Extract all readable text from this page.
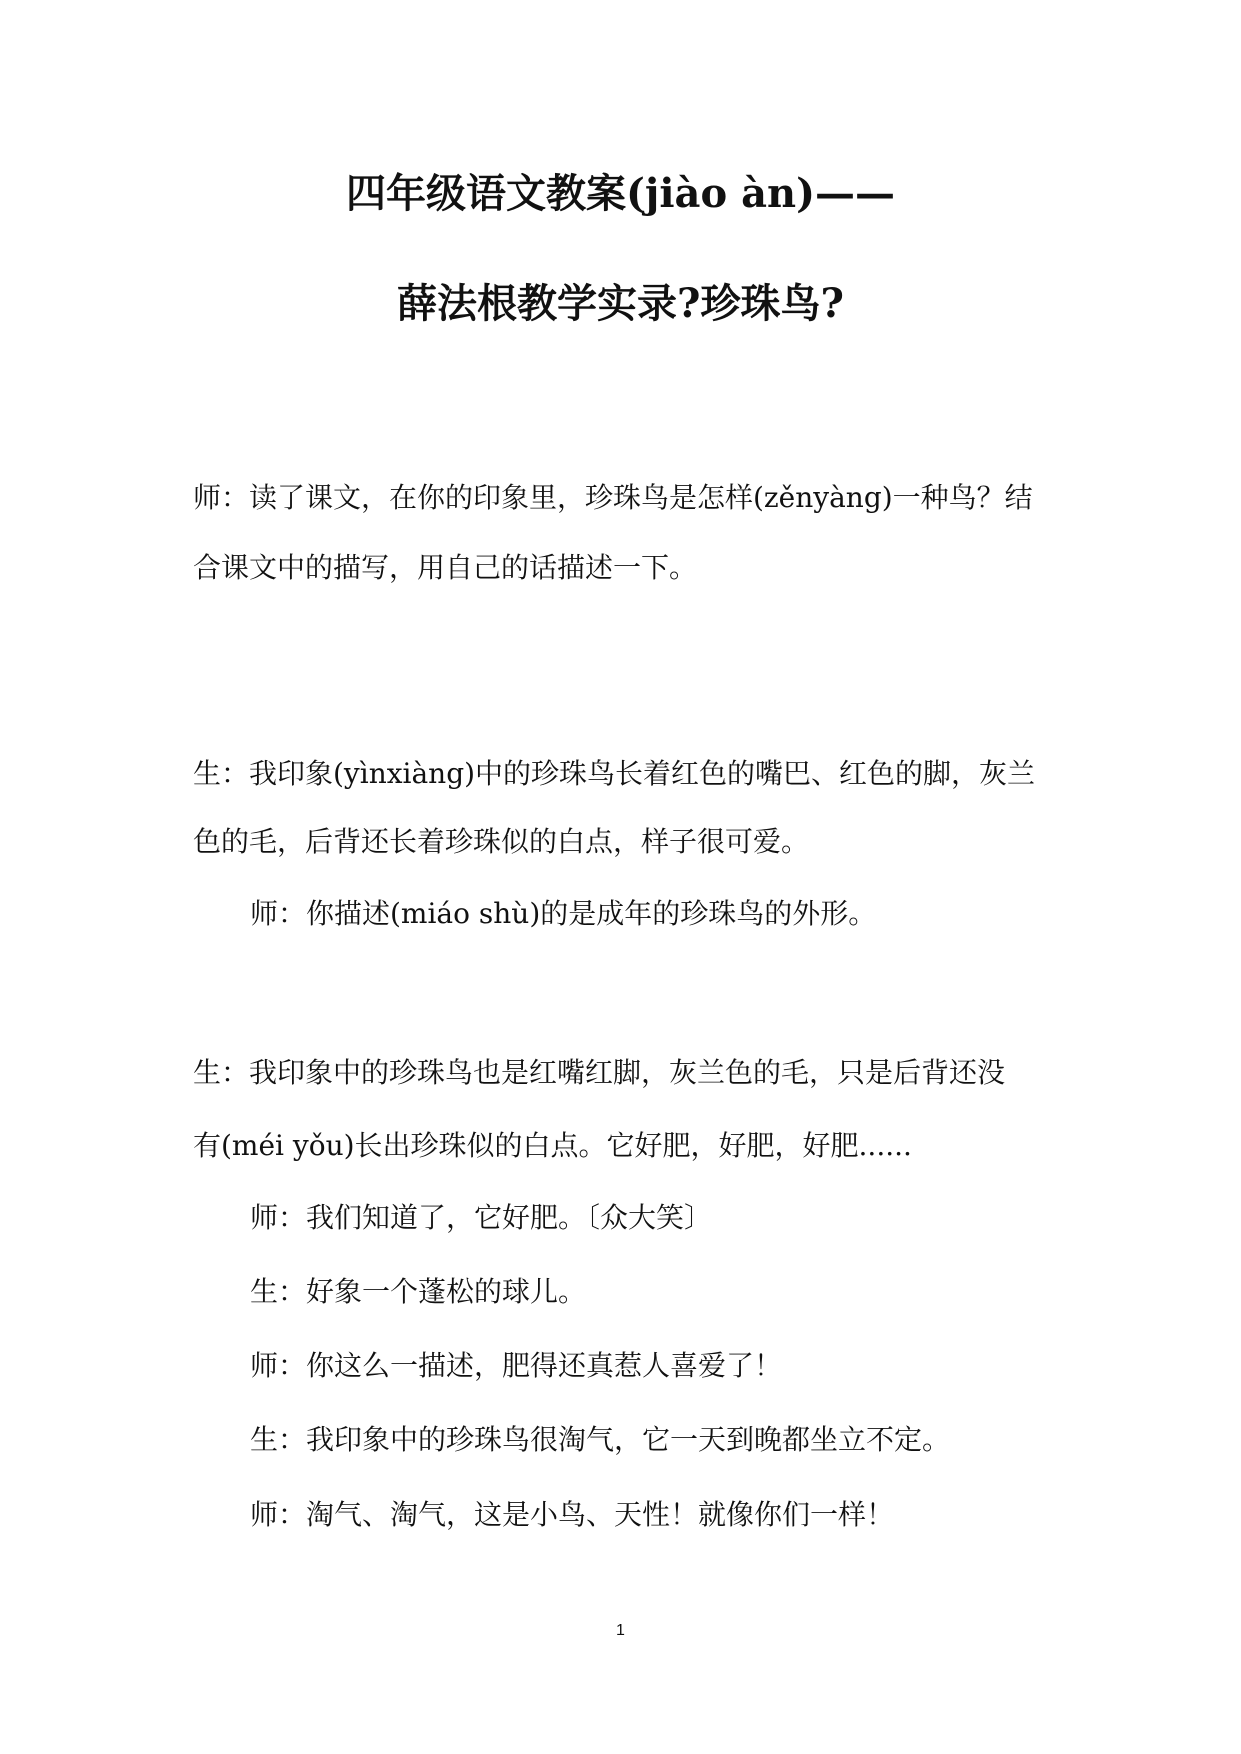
四年级语文教案(jiào àn)——
薛法根教学实录?珍珠鸟?
师：读了课文，在你的印象里，珍珠鸟是怎样(zěnyàng)一种鸟？结
合课文中的描写，用自己的话描述一下。
生：我印象(yìnxiàng)中的珍珠鸟长着红色的嘴巴、红色的脚，灰兰
色的毛，后背还长着珍珠似的白点，样子很可爱。
师：你描述(miáo shù)的是成年的珍珠鸟的外形。
生：我印象中的珍珠鸟也是红嘴红脚，灰兰色的毛，只是后背还没
有(méi yǒu)长出珍珠似的白点。它好肥，好肥，好肥......
师：我们知道了，它好肥。〔众大笑〕
生：好象一个蓬松的球儿。
师：你这么一描述，肥得还真惹人喜爱了！
生：我印象中的珍珠鸟很淘气，它一天到晚都坐立不定。
师：淘气、淘气，这是小鸟、天性！就像你们一样！
1
